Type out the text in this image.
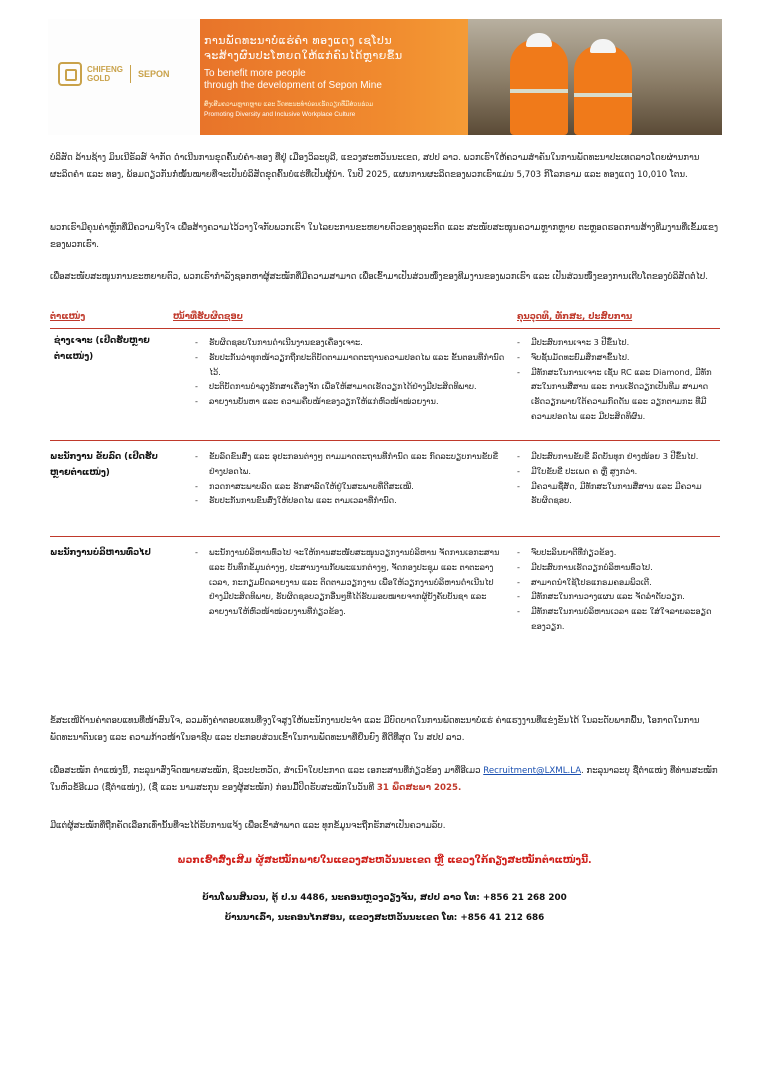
CHIFENG
GOLD	SEPON
ການພັດທະນາບໍ່ແຮ່ຄຳ ທອງແດງ ເຊໂປນ
ຈະສ້າງຜົນປະໂຫຍດໃຫ້ແກ່ຄົນໄດ້ຫຼາຍຂຶ້ນ
To benefit more people
through the development of Sepon Mine
ສົ່ງເສີມຄວາມຫຼາກຫຼາຍ ແລະ ວັດທະນະທຳບ່ອນເຮັດວຽກທີ່ມີສ່ວນຮ່ວມ
Promoting Diversity and Inclusive Workplace Culture

ບໍລິສັດ ລ້ານຊ້າງ ມິນເນີຣັລສ໌ ຈຳກັດ ດຳເນີນການຂຸດຄົ້ນບໍ່ຄຳ-ທອງ ທີ່ຢູ່ ເມືອງວິລະບູລີ, ແຂວງສະຫວັນນະເຂດ, ສປປ ລາວ. ພວກເຮົາໃຫ້ຄວາມສຳຄັນໃນການພັດທະນາປະເທດລາວໂດຍຜ່ານການຜະລິດຄຳ ແລະ ທອງ, ພ້ອມດຽວກັນກໍ່ໝັ້ນໝາຍທີ່ຈະເປັນບໍລິສັດຂຸດຄົ້ນບໍ່ແຮ່ທີ່ເປັນຜູ້ນຳ. ໃນປີ 2025, ແຜນການຜະລິດຂອງພວກເຮົາແມ່ນ 5,703 ກິໂລກຣາມ ແລະ ທອງແດງ 10,010 ໂຕນ.

ພວກເຮົາມີຄຸນຄ່າຫຼັກທີ່ມີຄວາມຈິງໃຈ ເພື່ອສ້າງຄວາມໄວ້ວາງໃຈກັບພວກເຮົາ ໃນໄລຍະການຂະຫຍາຍຕົວຂອງທຸລະກິດ ແລະ ສະໜັບສະໜູນຄວາມຫຼາກຫຼາຍ ຕະຫຼອດຮອດການສ້າງທີມງານທີ່ເຂັ້ມແຂງຂອງພວກເຮົາ.

ເພື່ອສະໜັບສະໜູນການຂະຫຍາຍຕົວ, ພວກເຮົາກຳລັງຊອກຫາຜູ້ສະໝັກທີ່ມີຄວາມສາມາດ ເພື່ອເຂົ້າມາເປັນສ່ວນໜຶ່ງຂອງທີມງານຂອງພວກເຮົາ ແລະ ເປັນສ່ວນໜຶ່ງຂອງການເຕີບໂຕຂອງບໍລິສັດຕໍ່ໄປ.

ຕຳແໜ່ງ	ໜ້າທີ່ຮັບຜິດຊອບ	ຄຸນວຸດທິ, ທັກສະ, ປະສົບການ
ຊ່າງເຈາະ (ເປີດຮັບຫຼາຍຕຳແໜ່ງ)
- ຮັບຜິດຊອບໃນການດຳເນີນງານຂອງເຄື່ອງເຈາະ.
- ຮັບປະກັນວ່າທຸກໜ້າວຽກຖືກປະຕິບັດຕາມມາດຕະຖານຄວາມປອດໄພ ແລະ ຂັ້ນຕອນທີ່ກຳນົດໄວ້.
- ປະຕິບັດການບຳລຸງຮັກສາເຄື່ອງຈັກ ເພື່ອໃຫ້ສາມາດເຮັດວຽກໄດ້ຢ່າງມີປະສິດທິພາບ.
- ລາຍງານບັນຫາ ແລະ ຄວາມຄືບໜ້າຂອງວຽກໃຫ້ແກ່ຫົວໜ້າໜ່ວຍງານ.
- ມີປະສົບການເຈາະ 3 ປີຂຶ້ນໄປ.
- ຈົບຊັ້ນມັດທະຍົມສຶກສາຂຶ້ນໄປ.
- ມີທັກສະໃນການເຈາະ ເຊັ່ນ RC ແລະ Diamond, ມີທັກສະໃນການສື່ສານ ແລະ ການເຮັດວຽກເປັນທີມ ສາມາດເຮັດວຽກພາຍໃຕ້ຄວາມກົດດັນ ແລະ ວຽກຕາມກະ ທີ່ມີຄວາມປອດໄພ ແລະ ມີປະສິດທິຜົນ.
ພະນັກງານ ຂັບລົດ (ເປີດຮັບຫຼາຍຕຳແໜ່ງ)
- ຂັບລົດຂົນສົ່ງ ແລະ ອຸປະກອນຕ່າງໆ ຕາມມາດຕະຖານທີ່ກຳນົດ ແລະ ກົດລະບຽບການຂັບຂີ່ຢ່າງປອດໄພ.
- ກວດກາສະພາບລົດ ແລະ ຮັກສາລົດໃຫ້ຢູ່ໃນສະພາບທີ່ດີສະເໝີ.
- ຮັບປະກັນການຂົນສົ່ງໃຫ້ປອດໄພ ແລະ ຕາມເວລາທີ່ກຳນົດ.
- ມີປະສົບການຂັບຂີ່ ລົດບັນທຸກ ຢ່າງໜ້ອຍ 3 ປີຂຶ້ນໄປ.
- ມີໃບຂັບຂີ່ ປະເພດ ຄ ຫຼື ສູງກວ່າ.
- ມີຄວາມຊື່ສັດ, ມີທັກສະໃນການສື່ສານ ແລະ ມີຄວາມຮັບຜິດຊອບ.
ພະນັກງານບໍລິຫານທົ່ວໄປ
-	ພະນັກງານບໍລິຫານທົ່ວໄປ ຈະໃຫ້ການສະໜັບສະໜູນວຽກງານບໍລິຫານ ຈັດການເອກະສານ ແລະ ບັນທຶກຂໍ້ມູນຕ່າງໆ, ປະສານງານກັບພະແນກຕ່າງໆ, ຈັດກອງປະຊຸມ ແລະ ຕາຕະລາງເວລາ, ກະກຽມບົດລາຍງານ ແລະ ຕິດຕາມວຽກງານ ເພື່ອໃຫ້ວຽກງານບໍລິຫານດຳເນີນໄປຢ່າງມີປະສິດທິພາບ, ຮັບຜິດຊອບວຽກອື່ນໆທີ່ໄດ້ຮັບມອບໝາຍຈາກຜູ້ບັງຄັບບັນຊາ ແລະ ລາຍງານໃຫ້ຫົວໜ້າໜ່ວຍງານທີ່ກ່ຽວຂ້ອງ.
- ຈົບປະລິນຍາຕີທີ່ກ່ຽວຂ້ອງ.
- ມີປະສົບການເຮັດວຽກບໍລິຫານທົ່ວໄປ.
- ສາມາດນຳໃຊ້ໂປຣແກຣມຄອມພິວເຕີ.
- ມີທັກສະໃນການວາງແຜນ ແລະ ຈັດລຳດັບວຽກ.
- ມີທັກສະໃນການບໍລິຫານເວລາ ແລະ ໃສ່ໃຈລາຍລະອຽດຂອງວຽກ.

ຂໍ້ສະເໜີດ້ານຄ່າຕອບແທນທີ່ໜ້າສົນໃຈ, ລວມທັງຄ່າຕອບແທນທີ່ຈູງໃຈສູງໃຫ້ພະນັກງານປະຈຳ ແລະ ມີບົດບາດໃນການພັດທະນາບໍ່ແຮ່ ຄ່າແຮງງານທີ່ແຂ່ງຂັນໄດ້ ໃນລະດັບພາກພື້ນ, ໂອກາດໃນການພັດທະນາຕົນເອງ ແລະ ຄວາມກ້າວໜ້າໃນອາຊີບ ແລະ ປະກອບສ່ວນເຂົ້າໃນການພັດທະນາທີ່ຍືນຍົງ ທີ່ດີທີ່ສຸດ ໃນ ສປປ ລາວ.

ເພື່ອສະໝັກ ຕຳແໜ່ງນີ້, ກະລຸນາສົ່ງຈົດໝາຍສະໝັກ, ຊີວະປະຫວັດ, ສຳເນົາໃບປະກາດ ແລະ ເອກະສານທີ່ກ່ຽວຂ້ອງ ມາທີ່ອີເມວ Recruitment@LXML.LA. ກະລຸນາລະບຸ ຊື່ຕຳແໜ່ງ ທີ່ທ່ານສະໝັກໃນຫົວຂໍ້ອີເມວ (ຊື່ຕຳແໜ່ງ), (ຊື່ ແລະ ນາມສະກຸນ ຂອງຜູ້ສະໝັກ) ກ່ອນມື້ປິດຮັບສະໝັກໃນວັນທີ 31 ພຶດສະພາ 2025.

ມີແຕ່ຜູ້ສະໝັກທີ່ຖືກຄັດເລືອກເທົ່ານັ້ນທີ່ຈະໄດ້ຮັບການແຈ້ງ ເພື່ອເຂົ້າສຳພາດ ແລະ ທຸກຂໍ້ມູນຈະຖືກຮັກສາເປັນຄວາມລັບ.

ພວກເຮົາສົ່ງເສີມ ຜູ້ສະໝັກພາຍໃນແຂວງສະຫວັນນະເຂດ ຫຼື ແຂວງໃກ້ຄຽງສະໝັກຕຳແໜ່ງນີ້.
ບ້ານໂພນສີນວນ, ຕູ້ ປ.ນ 4486, ນະຄອນຫຼວງວຽງຈັນ, ສປປ ລາວ ໂທ: +856 21 268 200
ບ້ານນາເລົ້າ, ນະຄອນໄກສອນ, ແຂວງສະຫວັນນະເຂດ ໂທ: +856 41 212 686
